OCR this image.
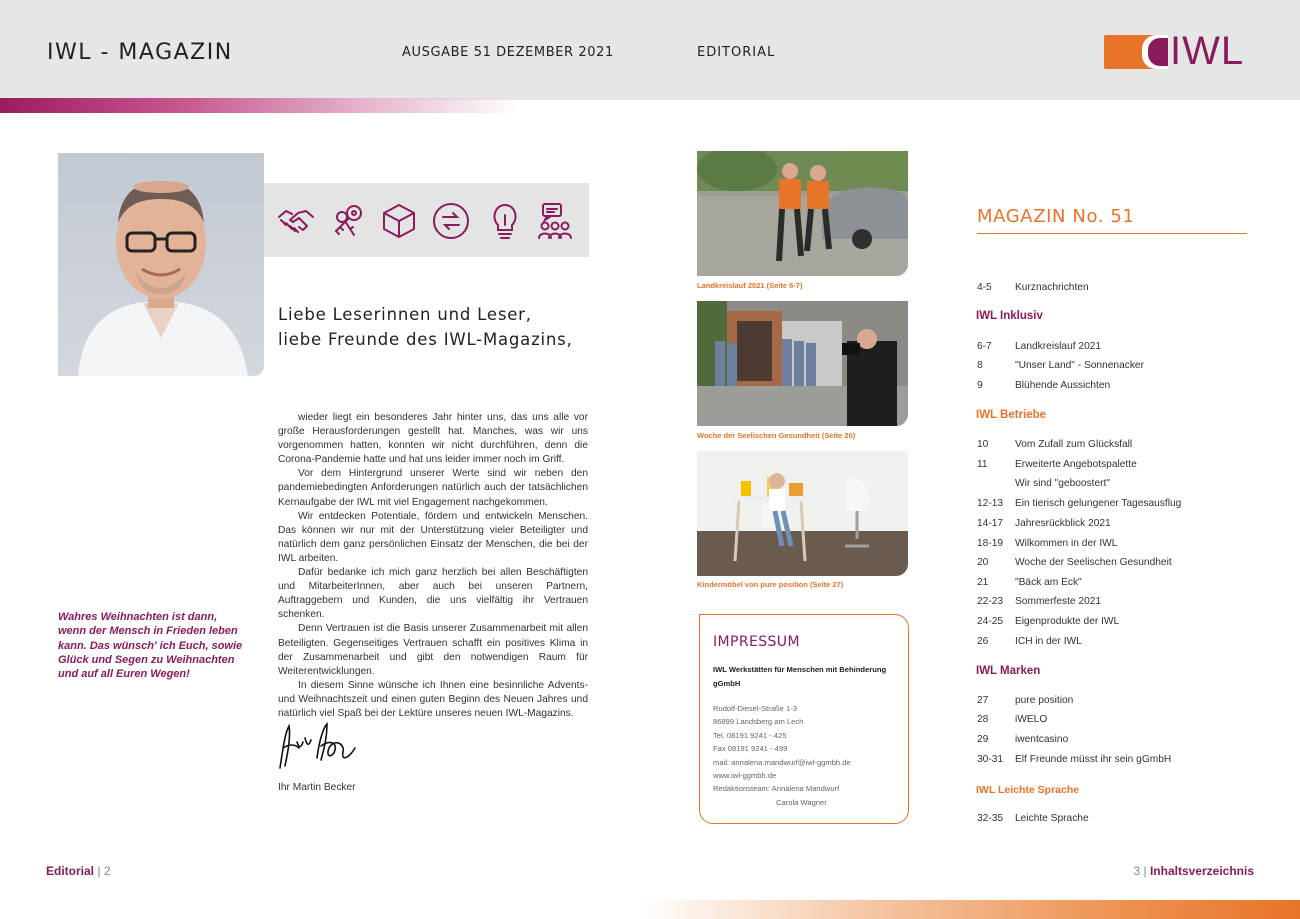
IWL - MAGAZIN	AUSGABE 51 DEZEMBER 2021	EDITORIAL	IWL
Liebe Leserinnen und Leser,
liebe Freunde des IWL-Magazins,
Wahres Weihnachten ist dann, wenn der Mensch in Frieden leben kann. Das wünsch' ich Euch, sowie Glück und Segen zu Weihnachten und auf all Euren Wegen!

wieder liegt ein besonderes Jahr hinter uns, das uns alle vor große Herausforderungen gestellt hat. Manches, was wir uns vorgenommen hatten, konnten wir nicht durchführen, denn die Corona-Pandemie hatte und hat uns leider immer noch im Griff.

Vor dem Hintergrund unserer Werte sind wir neben den pandemiebedingten Anforderungen natürlich auch der tatsächlichen Kernaufgabe der IWL mit viel Engagement nachgekommen.

Wir entdecken Potentiale, fördern und entwickeln Menschen. Das können wir nur mit der Unterstützung vieler Beteiligter und natürlich dem ganz persönlichen Einsatz der Menschen, die bei der IWL arbeiten.

Dafür bedanke ich mich ganz herzlich bei allen Beschäftigten und MitarbeiterInnen, aber auch bei unseren Partnern, Auftraggebern und Kunden, die uns vielfältig ihr Vertrauen schenken.

Denn Vertrauen ist die Basis unserer Zusammenarbeit mit allen Beteiligten. Gegenseitiges Vertrauen schafft ein positives Klima in der Zusammenarbeit und gibt den notwendigen Raum für Weiterentwicklungen.

In diesem Sinne wünsche ich Ihnen eine besinnliche Advents- und Weihnachtszeit und einen guten Beginn des Neuen Jahres und natürlich viel Spaß bei der Lektüre unseres neuen IWL-Magazins.

Ihr Martin Becker
Editorial | 2	3 | Inhaltsverzeichnis
Landkreislauf 2021 (Seite 6-7)
Woche der Seelischen Gesundheit (Seite 20)
Kindermöbel von pure position (Seite 27)
IMPRESSUM
IWL Werkstätten für Menschen mit Behinderung gGmbH
Rudolf-Diesel-Straße 1-3
86899 Landsberg am Lech
Tel. 08191 9241 - 425
Fax 08191 9241 - 499
mail: annalena.mandwurf@iwl-ggmbh.de
www.iwl-ggmbh.de
Redaktionsteam: Annalena Mandwurf
Carola Wagner
MAGAZIN No. 51
4-5 Kurznachrichten
IWL Inklusiv
6-7 Landkreislauf 2021
8	"Unser Land" - Sonnenacker
9	Blühende Aussichten
IWL Betriebe
10	Vom Zufall zum Glücksfall
11	Erweiterte Angebotspalette
Wir sind "geboostert"
12-13 Ein tierisch gelungener Tagesausflug
14-17 Jahresrückblick 2021
18-19 Wilkommen in der IWL
20	Woche der Seelischen Gesundheit
21	"Bäck am Eck"
22-23 Sommerfeste 2021
24-25 Eigenprodukte der IWL
26	ICH in der IWL
IWL Marken
27	pure position
28	iWELO
29	iwentcasino
30-31 Elf Freunde müsst ihr sein gGmbH
IWL Leichte Sprache
32-35 Leichte Sprache
